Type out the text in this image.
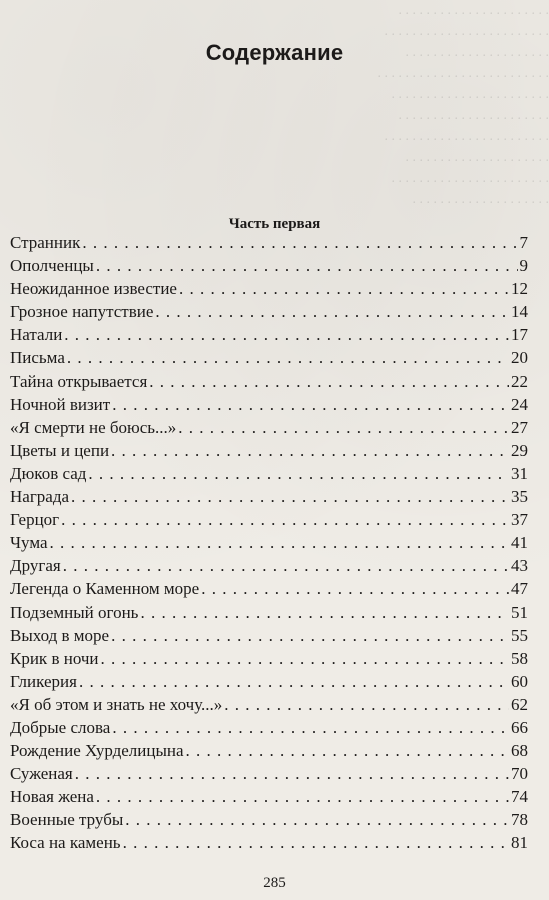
. . . . . . . . . . . . . . . . . . . . . .
. . . . . . . . . . . . . . . . . . . . . . . .
. . . . . . . . . . . . . . . . . . . . .
. . . . . . . . . . . . . . . . . . . . . . . . .
. . . . . . . . . . . . . . . . . . . . . . .
. . . . . . . . . . . . . . . . . . . . . .
. . . . . . . . . . . . . . . . . . . . . . . .
. . . . . . . . . . . . . . . . . . . . .
. . . . . . . . . . . . . . . . . . . . . . .
. . . . . . . . . . . . . . . . . . . .
Содержание
Часть первая
Странник . . .	7
Ополченцы . . .	9
Неожиданное известие . . .	12
Грозное напутствие . . .	14
Натали . . .	17
Письма . . .	20
Тайна открывается . . .	22
Ночной визит . . .	24
«Я смерти не боюсь...» . . .	27
Цветы и цепи . . .	29
Дюков сад . . .	31
Награда . . .	35
Герцог . . .	37
Чума . . .	41
Другая . . .	43
Легенда о Каменном море . . .	47
Подземный огонь . . .	51
Выход в море . . .	55
Крик в ночи . . .	58
Гликерия . . .	60
«Я об этом и знать не хочу...» . . .	62
Добрые слова . . .	66
Рождение Хурделицына . . .	68
Суженая . . .	70
Новая жена . . .	74
Военные трубы . . .	78
Коса на камень . . .	81
285
